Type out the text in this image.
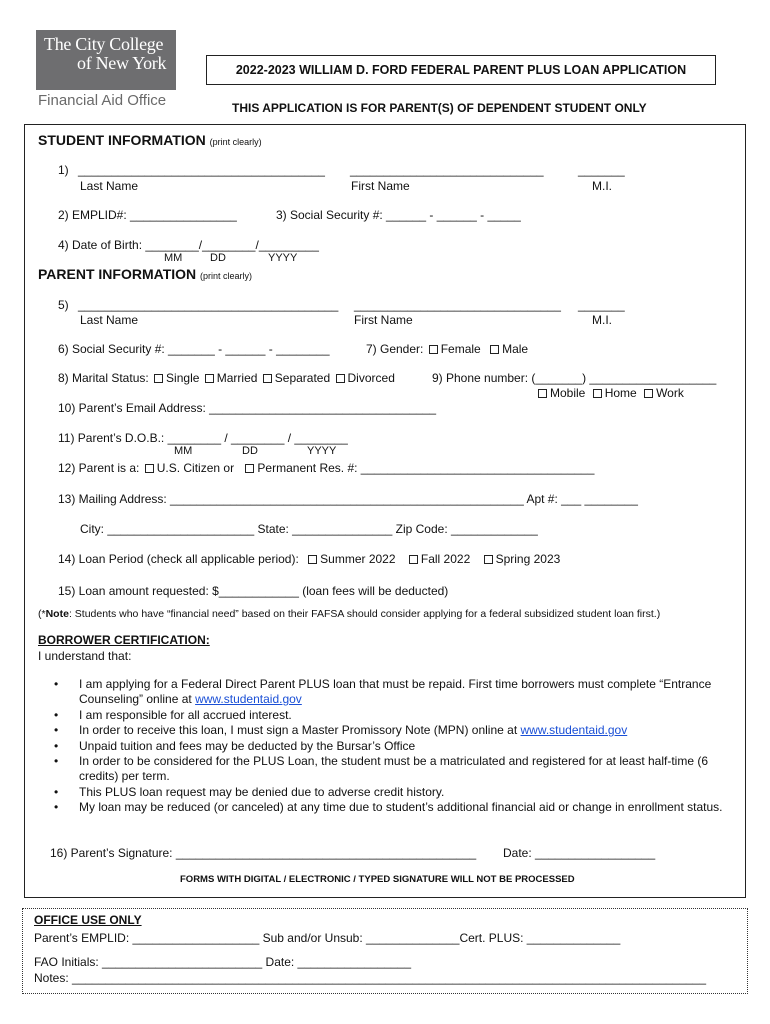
The City College
of New York
Financial Aid Office
2022-2023 WILLIAM D. FORD FEDERAL PARENT PLUS LOAN APPLICATION
THIS APPLICATION IS FOR PARENT(S) OF DEPENDENT STUDENT ONLY
STUDENT INFORMATION (print clearly)
1) _____________________________________ _____________________________	_______
Last Name	First Name	M.I.
2) EMPLID#: ________________	3) Social Security #: ______ - ______ - _____
4) Date of Birth: ________/________/_________
MM	DD	YYYY
PARENT INFORMATION (print clearly)
5) _______________________________________ _______________________________ _______
Last Name	First Name	M.I.
6) Social Security #: _______ - ______ - ________	7) Gender: Female Male
8) Marital Status: Single Married Separated Divorced	9) Phone number: (_______) ___________________
Mobile Home Work
10) Parent’s Email Address: __________________________________
11) Parent’s D.O.B.: ________ / ________ / ________
MM	DD	YYYY
12) Parent is a: U.S. Citizen or Permanent Res. #: ___________________________________
13) Mailing Address: _____________________________________________________ Apt #: ___ ________
City: ______________________ State: _______________ Zip Code: _____________
14) Loan Period (check all applicable period): Summer 2022 Fall 2022 Spring 2023
15) Loan amount requested: $____________ (loan fees will be deducted)
(*Note: Students who have “financial need” based on their FAFSA should consider applying for a federal subsidized student loan first.)
BORROWER CERTIFICATION:
I understand that:
• I am applying for a Federal Direct Parent PLUS loan that must be repaid. First time borrowers must complete “Entrance Counseling” online at www.studentaid.gov
• I am responsible for all accrued interest.
• In order to receive this loan, I must sign a Master Promissory Note (MPN) online at www.studentaid.gov
• Unpaid tuition and fees may be deducted by the Bursar’s Office
• In order to be considered for the PLUS Loan, the student must be a matriculated and registered for at least half-time (6 credits) per term.
• This PLUS loan request may be denied due to adverse credit history.
• My loan may be reduced (or canceled) at any time due to student’s additional financial aid or change in enrollment status.
16) Parent’s Signature: _____________________________________________ Date: __________________
FORMS WITH DIGITAL / ELECTRONIC / TYPED SIGNATURE WILL NOT BE PROCESSED
OFFICE USE ONLY
Parent’s EMPLID: ___________________ Sub and/or Unsub: ______________Cert. PLUS: ______________
FAO Initials: ________________________ Date: _________________
Notes: _______________________________________________________________________________________________
